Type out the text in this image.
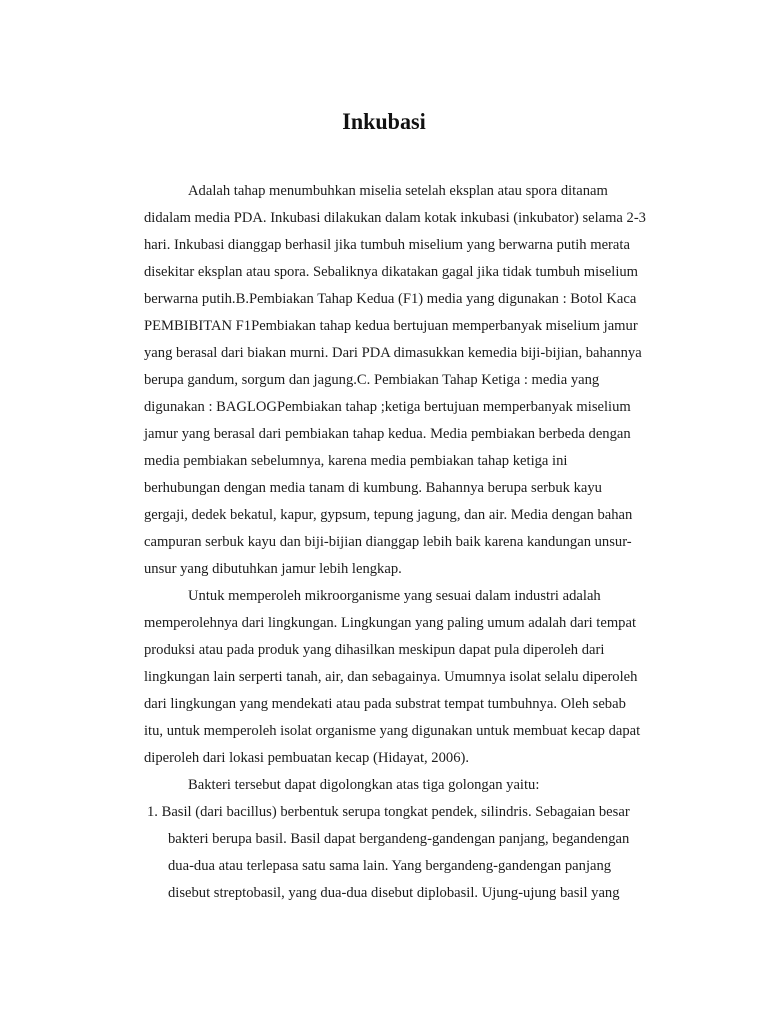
Inkubasi
Adalah tahap menumbuhkan miselia setelah eksplan atau spora ditanam
didalam media PDA. Inkubasi dilakukan dalam kotak inkubasi (inkubator) selama 2-3
hari. Inkubasi dianggap berhasil jika tumbuh miselium yang berwarna putih merata
disekitar eksplan atau spora. Sebaliknya dikatakan gagal jika tidak tumbuh miselium
berwarna putih.B.Pembiakan Tahap Kedua (F1) media yang digunakan : Botol Kaca
PEMBIBITAN F1Pembiakan tahap kedua bertujuan memperbanyak miselium jamur
yang berasal dari biakan murni. Dari PDA dimasukkan kemedia biji-bijian, bahannya
berupa gandum, sorgum dan jagung.C. Pembiakan Tahap Ketiga : media yang
digunakan : BAGLOGPembiakan tahap ;ketiga bertujuan memperbanyak miselium
jamur yang berasal dari pembiakan tahap kedua. Media pembiakan berbeda dengan
media pembiakan sebelumnya, karena media pembiakan tahap ketiga ini
berhubungan dengan media tanam di kumbung. Bahannya berupa serbuk kayu
gergaji, dedek bekatul, kapur, gypsum, tepung jagung, dan air. Media dengan bahan
campuran serbuk kayu dan biji-bijian dianggap lebih baik karena kandungan unsur-
unsur yang dibutuhkan jamur lebih lengkap.
Untuk memperoleh mikroorganisme yang sesuai dalam industri adalah
memperolehnya dari lingkungan. Lingkungan yang paling umum adalah dari tempat
produksi atau pada produk yang dihasilkan meskipun dapat pula diperoleh dari
lingkungan lain serperti tanah, air, dan sebagainya. Umumnya isolat selalu diperoleh
dari lingkungan yang mendekati atau pada substrat tempat tumbuhnya. Oleh sebab
itu, untuk memperoleh isolat organisme yang digunakan untuk membuat kecap dapat
diperoleh dari lokasi pembuatan kecap (Hidayat, 2006).
Bakteri tersebut dapat digolongkan atas tiga golongan yaitu:
1. Basil (dari bacillus) berbentuk serupa tongkat pendek, silindris. Sebagaian besar
bakteri berupa basil. Basil dapat bergandeng-gandengan panjang, begandengan
dua-dua atau terlepasa satu sama lain. Yang bergandeng-gandengan panjang
disebut streptobasil, yang dua-dua disebut diplobasil. Ujung-ujung basil yang
